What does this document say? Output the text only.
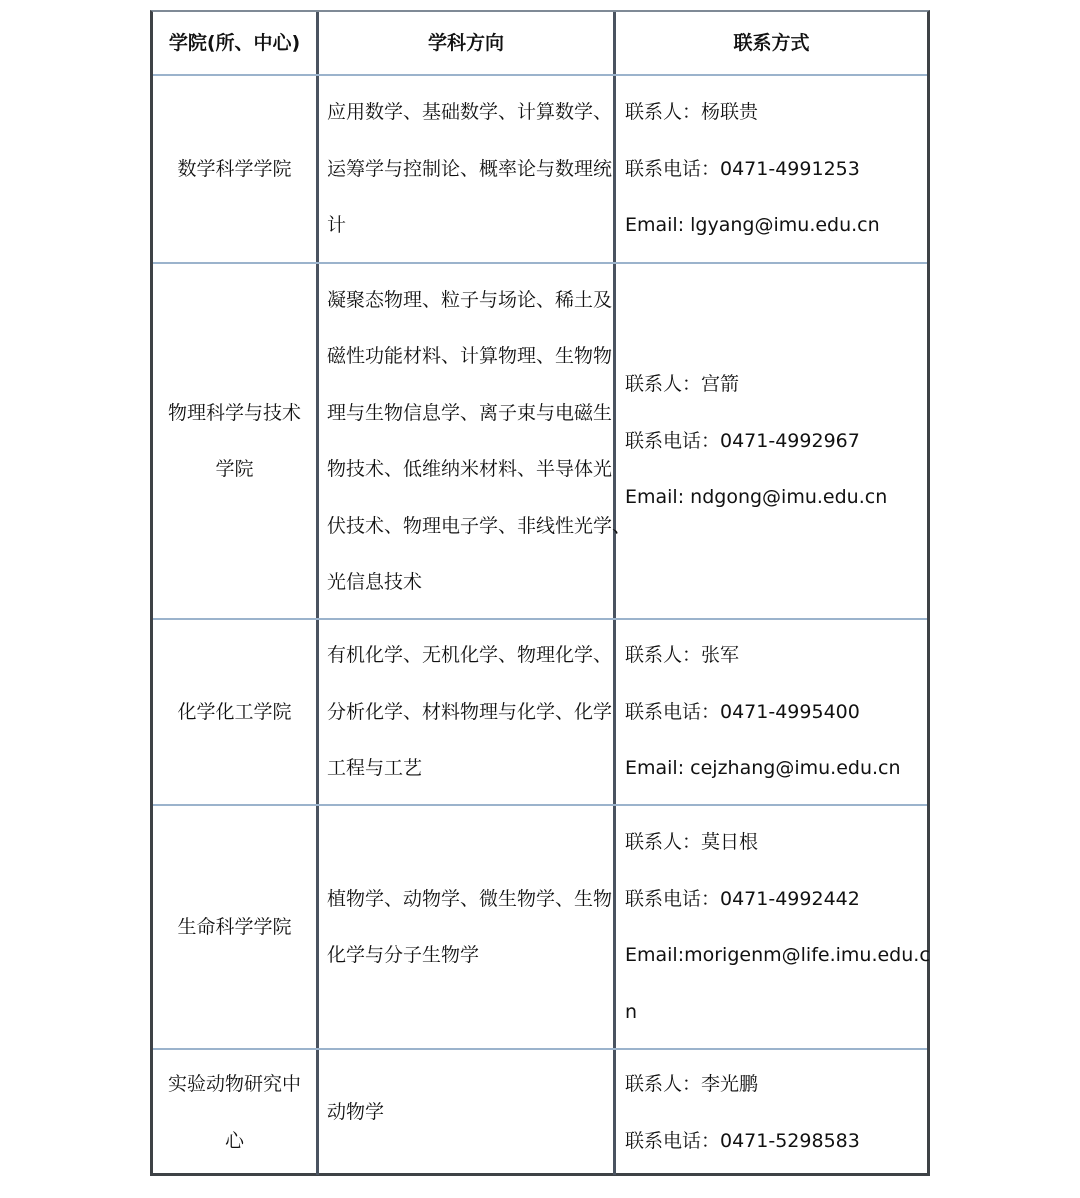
学院(所、中心)	学科方向	联系方式
数学科学学院
应用数学、基础数学、计算数学、
运筹学与控制论、概率论与数理统
计
联系人：杨联贵
联系电话：0471-4991253
Email: lgyang@imu.edu.cn
物理科学与技术
学院
凝聚态物理、粒子与场论、稀土及
磁性功能材料、计算物理、生物物
理与生物信息学、离子束与电磁生
物技术、低维纳米材料、半导体光
伏技术、物理电子学、非线性光学、
光信息技术
联系人：宫箭
联系电话：0471-4992967
Email: ndgong@imu.edu.cn
化学化工学院
有机化学、无机化学、物理化学、
分析化学、材料物理与化学、化学
工程与工艺
联系人：张军
联系电话：0471-4995400
Email: cejzhang@imu.edu.cn
生命科学学院
植物学、动物学、微生物学、生物
化学与分子生物学
联系人：莫日根
联系电话：0471-4992442
Email:morigenm@life.imu.edu.c
n
实验动物研究中
心
动物学
联系人：李光鹏
联系电话：0471-5298583
